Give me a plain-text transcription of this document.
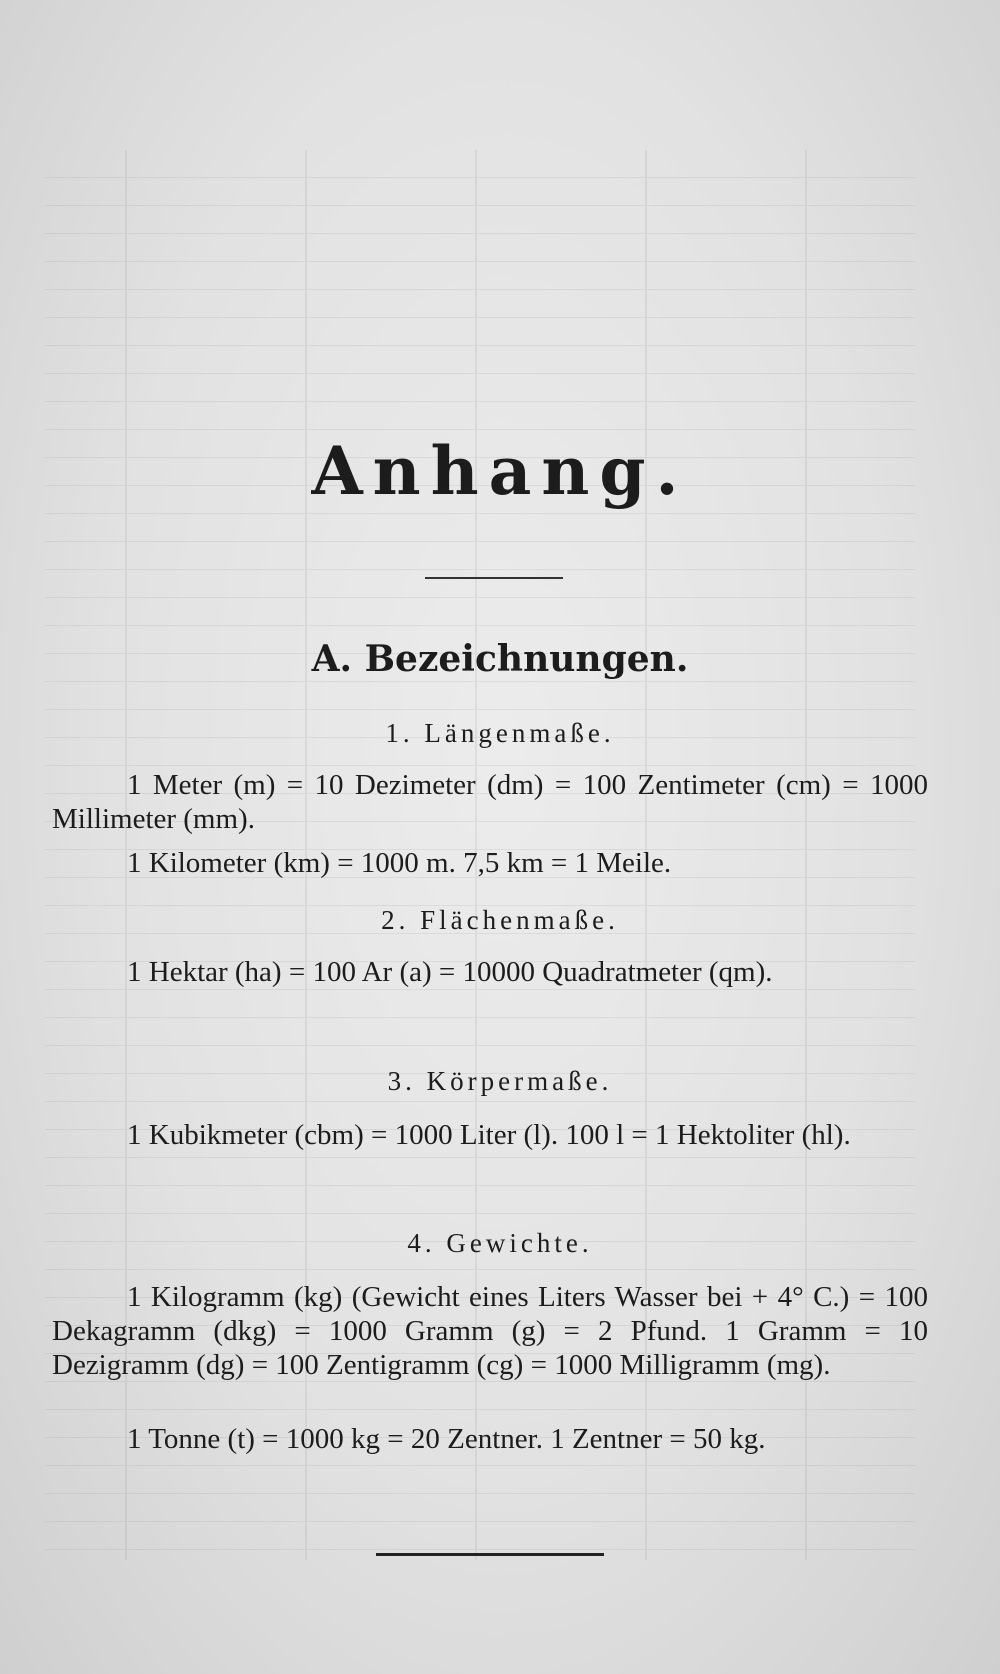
Anhang.
A. Bezeichnungen.
1. Längenmaße.
1 Meter (m) = 10 Dezimeter (dm) = 100 Zentimeter (cm) = 1000 Millimeter (mm).
1 Kilometer (km) = 1000 m. 7,5 km = 1 Meile.
2. Flächenmaße.
1 Hektar (ha) = 100 Ar (a) = 10000 Quadratmeter (qm).
3. Körpermaße.
1 Kubikmeter (cbm) = 1000 Liter (l). 100 l = 1 Hektoliter (hl).
4. Gewichte.
1 Kilogramm (kg) (Gewicht eines Liters Wasser bei + 4° C.) = 100 Dekagramm (dkg) = 1000 Gramm (g) = 2 Pfund. 1 Gramm = 10 Dezigramm (dg) = 100 Zentigramm (cg) = 1000 Milligramm (mg).
1 Tonne (t) = 1000 kg = 20 Zentner. 1 Zentner = 50 kg.
